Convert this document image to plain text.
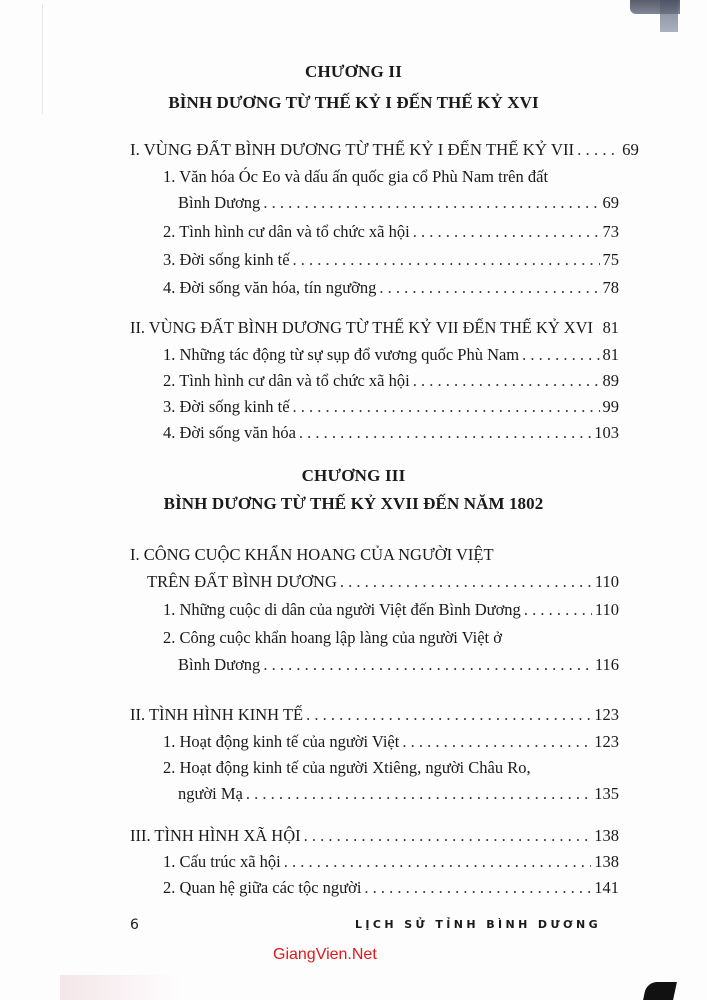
CHƯƠNG II
BÌNH DƯƠNG TỪ THẾ KỶ I ĐẾN THẾ KỶ XVI
I. VÙNG ĐẤT BÌNH DƯƠNG TỪ THẾ KỶ I ĐẾN THẾ KỶ VII . . .	69
1. Văn hóa Óc Eo và dấu ấn quốc gia cổ Phù Nam trên đất
Bình Dương . . .	69
2. Tình hình cư dân và tổ chức xã hội . . .	73
3. Đời sống kinh tế . . .	75
4. Đời sống văn hóa, tín ngưỡng . . .	78
II. VÙNG ĐẤT BÌNH DƯƠNG TỪ THẾ KỶ VII ĐẾN THẾ KỶ XVI 81
1. Những tác động từ sự sụp đổ vương quốc Phù Nam . . .	81
2. Tình hình cư dân và tổ chức xã hội . . .	89
3. Đời sống kinh tế . . .	99
4. Đời sống văn hóa . . .	103
CHƯƠNG III
BÌNH DƯƠNG TỪ THẾ KỶ XVII ĐẾN NĂM 1802
I. CÔNG CUỘC KHẨN HOANG CỦA NGƯỜI VIỆT
TRÊN ĐẤT BÌNH DƯƠNG . . .	110
1. Những cuộc di dân của người Việt đến Bình Dương . . .	110
2. Công cuộc khẩn hoang lập làng của người Việt ở
Bình Dương . . .	116
II. TÌNH HÌNH KINH TẾ . . .	123
1. Hoạt động kinh tế của người Việt . . .	123
2. Hoạt động kinh tế của người Xtiêng, người Châu Ro,
người Mạ . . .	135
III. TÌNH HÌNH XÃ HỘI . . .	138
1. Cấu trúc xã hội . . .	138
2. Quan hệ giữa các tộc người . . .	141
6	LỊCH SỬ TỈNH BÌNH DƯƠNG
GiangVien.Net
